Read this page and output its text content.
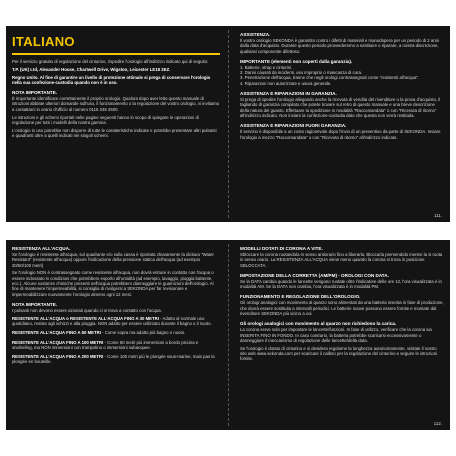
ITALIANO

Per il servizio gratuito di regolazione del cinturino, rispedire l'orologio all'indirizzo indicato qui di seguito:

T.P. (UK) Ltd, Alexander House, Chartwell Drive, Wigston, Leicester LE18 2EZ.

Regno Unito. Al fine di garantire un livello di protezione ottimale si prega di conservare l'orologio nella sua confezione-custodia quando non è in uso.

NOTA IMPORTANTE.

È importante identificare correttamente il proprio orologio. Qualora dopo aver letto questo manuale di istruzioni abbiate ulteriori domande sull'uso, il funzionamento o la regolazione del vostro orologio, vi invitiamo a contattarci in orario d'ufficio al numero 0116 248 2500.

Le istruzioni e gli schemi riportati nelle pagine seguenti hanno lo scopo di spiegare le operazioni di regolazione per tutti i modelli della nostra gamma.

L'orologio in uso potrebbe non disporre di tutte le caratteristiche indicate e potrebbe presentare altri pulsanti e quadranti oltre a quelli indicati nei singoli schemi.

ASSISTENZA.

Il vostro orologio SEKONDA è garantito contro i difetti di materiali e manodopera per un periodo di 2 anni dalla data d'acquisto. Durante questo periodo provvederemo a sostituire o riparare, a nostra discrezione, qualsiasi componente difettoso.

IMPORTANTE (elementi non coperti dalla garanzia).

1. Batterie, strap e cinturini.

2. Danni causati da incidenti, uso improprio o mancanza di cura.

3. Penetrazione dell'acqua, tranne che negli orologi contrassegnati come "resistenti all'acqua".

4. Riparazioni non autorizzate e usura generale.

ASSISTENZA E RIPARAZIONI IN GARANZIA.

Si prega di spedire l'orologio allegando anche la ricevuta di vendita del rivenditore o la prova d'acquisto, il tagliando di garanzia compilato che potete trovare sul retro di questo manuale e una breve descrizione della natura del guasto. Effettuare la spedizione in modalità "Raccomandata" o con "Ricevuta di ritorno" all'indirizzo indicato. Non inviare la confezione-custodia dato che questa non verrà restituita.

ASSISTENZA E RIPARAZIONI FUORI GARANZIA.

Il servizio è disponibile a un costo ragionevole dopo l'invio di un preventivo da parte di SEKONDA. Inviare l'orologio a mezzo "Raccomandata" o con "Ricevuta di ritorno" all'indirizzo indicato.

111.
RESISTENZA ALL'ACQUA.

Se l'orologio è resistente all'acqua, sul quadrante e/o sulla cassa è riportata chiaramente la dicitura "Water Resistant" (resistente all'acqua) oppure l'indicazione della pressione statica dell'acqua (ad esempio 30/50/100 metri)

Se l'orologio NON è contrassegnato come resistente all'acqua, non dovrà entrare in contatto con l'acqua o essere indossato in condizioni che potrebbero esporlo all'umidità (ad esempio, lavaggio, pioggia battente, ecc.). Alcune sostanze chimiche presenti nell'acqua potrebbero danneggiare le guarnizioni dell'orologio. Al fine di mantenere l'impermeabilità, si consiglia di rivolgersi a SEKONDA per far revisionare e impermeabilizzare nuovamente l'orologio almeno ogni 12 mesi.

NOTA IMPORTANTE.

I pulsanti non devono essere azionati quando ci si trova a contatto con l'acqua.

RESISTENTE ALL'ACQUA o RESISTENTE ALL'ACQUA FINO A 30 METRI - Adatto al normale uso quotidiano, resiste agli schizzi e alla pioggia. NON adatto per essere utilizzato durante il bagno o il nuoto.
RESISTENTE ALL'ACQUA FINO A 50 METRI - Come sopra ma adatto più bagno o nuoto.
RESISTENTE ALL'ACQUA FINO A 100 METRI - Come 50 metri più immersioni a bordo piscina e snorkeling, ma NON immersioni con trampolino o immersioni subacquee.
RESISTENTE ALL'ACQUA FINO A 200 METRI - Come 100 metri più le plongée sous-marine, mais pas la plongée en bouteille.
MODELLI DOTATI DI CORONA A VITE.

Sbloccare la corona ruotandola in senso antiorario fino a liberarla. Bloccarla premendola mentre la si ruota in senso orario. La RESISTENZA ALL'ACQUA viene meno quando la corona si trova in posizione SBLOCCATA.

IMPOSTAZIONE DELLA CORRETTA (AM/PM) - OROLOGI CON DATA.

Se la DATA cambia quando le lancette vengono ruotate oltre l'indicatore delle ore 12, l'ora visualizzata è in modalità AM. Se la DATA non cambia, l'ora visualizzata è in modalità PM.

FUNZIONAMENTO E REGOLAZIONE DELL'OROLOGIO.

Gli orologi analogici con movimento al quarzo sono alimentati da una batteria inserita in fase di produzione, che dovrà essere sostituita a intervalli periodici. Le batterie nuove possono essere fornite e montate dal rivenditore SEKONDA più vicino a voi.

Gli orologi analogici con movimento al quarzo non richiedono la carica.

La corona serve solo per impostare le lancette/funzioni. In fase di utilizzo, verificare che la corona sia INSERITA FINO IN FONDO. In caso contrario, la batteria potrebbe scaricarsi eccessivamente o danneggiare il meccanismo di regolazione delle lancette/della data.

Se l'orologio è dotato di cinturino e si desidera regolarne la lunghezza autonomamente, visitate il nostro sito web www.sekonda.com per scaricare il calibro per la regolazione del cinturino e seguire le istruzioni fornite.

112.
